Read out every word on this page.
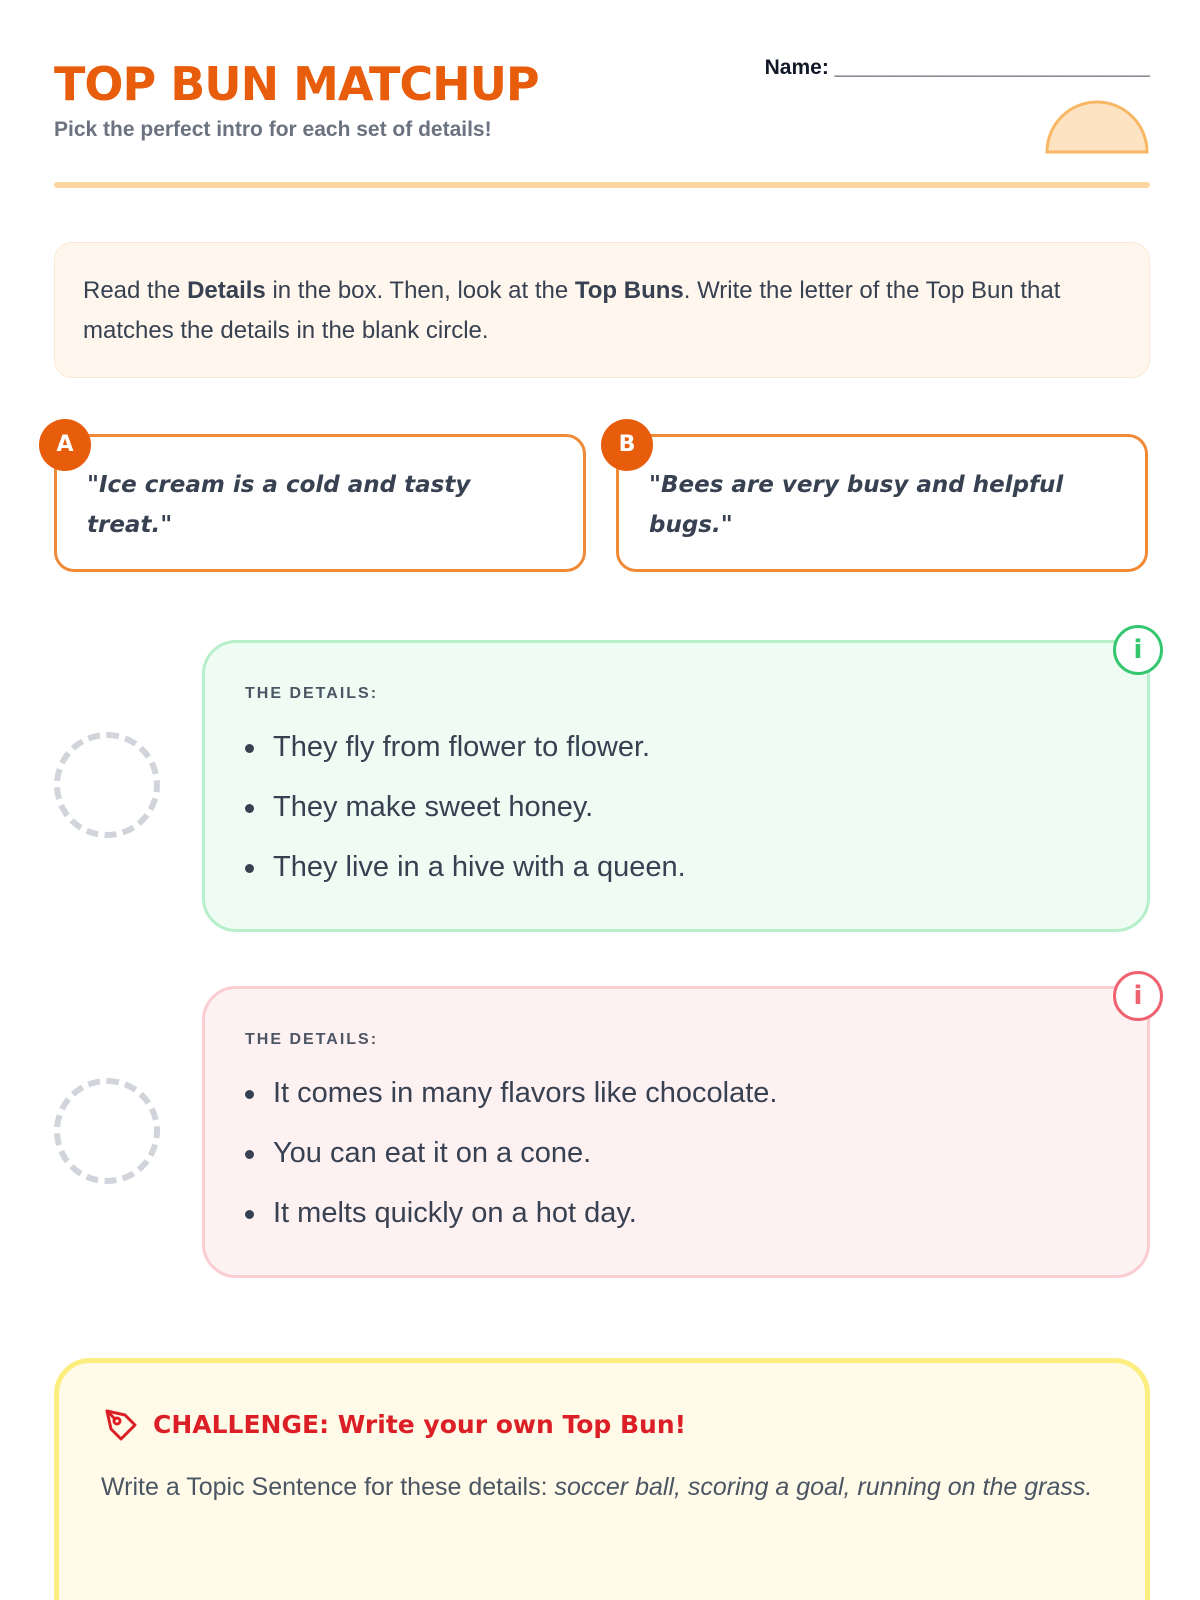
TOP BUN MATCHUP
Pick the perfect intro for each set of details!
Name: ___________________________
Read the Details in the box. Then, look at the Top Buns. Write the letter of the Top Bun that matches the details in the blank circle.
A
"Ice cream is a cold and tasty treat."
B
"Bees are very busy and helpful bugs."
i
THE DETAILS:
They fly from flower to flower.
They make sweet honey.
They live in a hive with a queen.
i
THE DETAILS:
It comes in many flavors like chocolate.
You can eat it on a cone.
It melts quickly on a hot day.
CHALLENGE: Write your own Top Bun!
Write a Topic Sentence for these details: soccer ball, scoring a goal, running on the grass.
